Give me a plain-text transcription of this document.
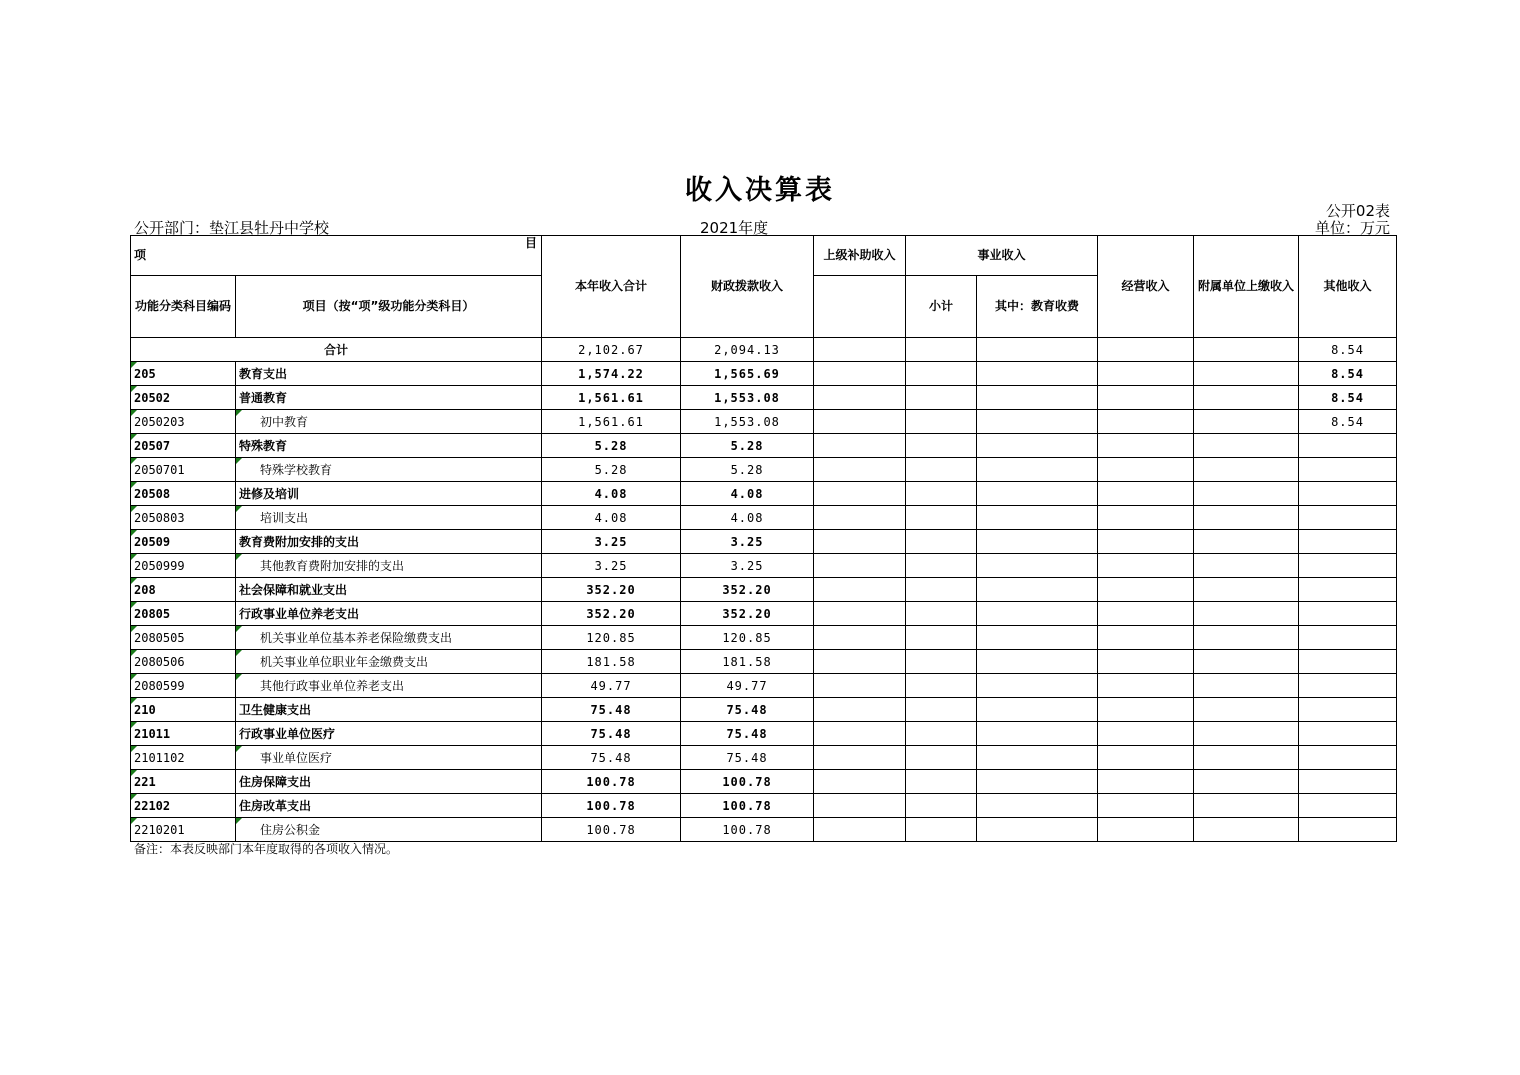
收入决算表
公开02表
公开部门：垫江县牡丹中学校	2021年度	单位：万元
项
目		本年收入合计	财政拨款收入	上级补助收入	事业收入		经营收入	附属单位上缴收入	其他收入
功能分类科目编码	项目（按“项”级功能分类科目）				小计	其中：教育收费			

合计		2,102.67	2,094.13						8.54

205	教育支出	1,574.22	1,565.69						8.54

20502	普通教育	1,561.61	1,553.08						8.54

2050203	初中教育	1,561.61	1,553.08						8.54

20507	特殊教育	5.28	5.28						

2050701	特殊学校教育	5.28	5.28						

20508	进修及培训	4.08	4.08						

2050803	培训支出	4.08	4.08						

20509	教育费附加安排的支出	3.25	3.25						

2050999	其他教育费附加安排的支出	3.25	3.25						

208	社会保障和就业支出	352.20	352.20						

20805	行政事业单位养老支出	352.20	352.20						

2080505	机关事业单位基本养老保险缴费支出	120.85	120.85						

2080506	机关事业单位职业年金缴费支出	181.58	181.58						

2080599	其他行政事业单位养老支出	49.77	49.77						

210	卫生健康支出	75.48	75.48						

21011	行政事业单位医疗	75.48	75.48						

2101102	事业单位医疗	75.48	75.48						

221	住房保障支出	100.78	100.78						

22102	住房改革支出	100.78	100.78						

2210201	住房公积金	100.78	100.78						
备注：本表反映部门本年度取得的各项收入情况。
